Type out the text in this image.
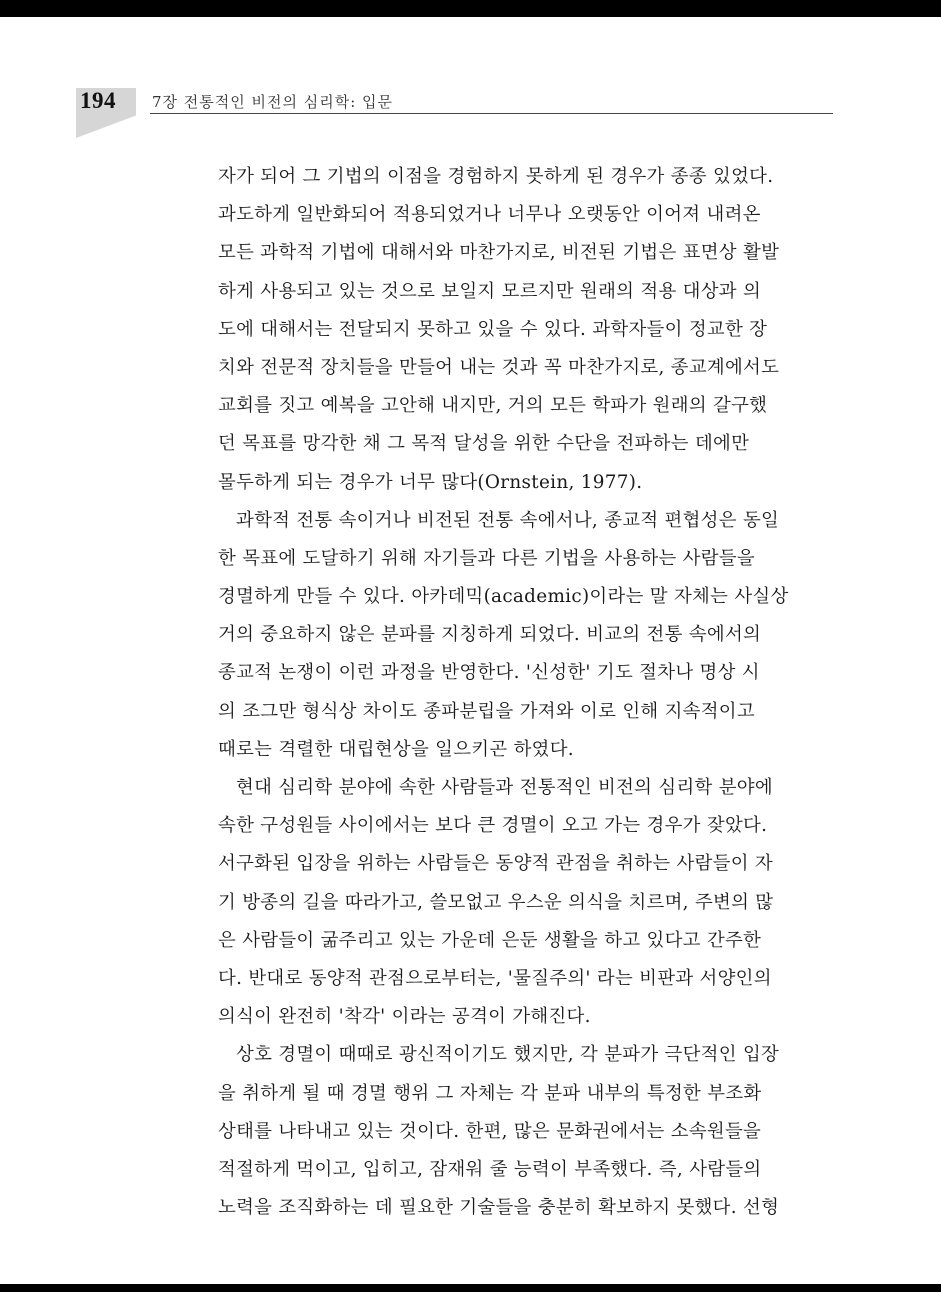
194 7장 전통적인 비전의 심리학: 입문
자가 되어 그 기법의 이점을 경험하지 못하게 된 경우가 종종 있었다.
과도하게 일반화되어 적용되었거나 너무나 오랫동안 이어져 내려온
모든 과학적 기법에 대해서와 마찬가지로, 비전된 기법은 표면상 활발
하게 사용되고 있는 것으로 보일지 모르지만 원래의 적용 대상과 의
도에 대해서는 전달되지 못하고 있을 수 있다. 과학자들이 정교한 장
치와 전문적 장치들을 만들어 내는 것과 꼭 마찬가지로, 종교계에서도
교회를 짓고 예복을 고안해 내지만, 거의 모든 학파가 원래의 갈구했
던 목표를 망각한 채 그 목적 달성을 위한 수단을 전파하는 데에만
몰두하게 되는 경우가 너무 많다(Ornstein, 1977).
과학적 전통 속이거나 비전된 전통 속에서나, 종교적 편협성은 동일
한 목표에 도달하기 위해 자기들과 다른 기법을 사용하는 사람들을
경멸하게 만들 수 있다. 아카데믹(academic)이라는 말 자체는 사실상
거의 중요하지 않은 분파를 지칭하게 되었다. 비교의 전통 속에서의
종교적 논쟁이 이런 과정을 반영한다. '신성한' 기도 절차나 명상 시
의 조그만 형식상 차이도 종파분립을 가져와 이로 인해 지속적이고
때로는 격렬한 대립현상을 일으키곤 하였다.
현대 심리학 분야에 속한 사람들과 전통적인 비전의 심리학 분야에
속한 구성원들 사이에서는 보다 큰 경멸이 오고 가는 경우가 잦았다.
서구화된 입장을 위하는 사람들은 동양적 관점을 취하는 사람들이 자
기 방종의 길을 따라가고, 쓸모없고 우스운 의식을 치르며, 주변의 많
은 사람들이 굶주리고 있는 가운데 은둔 생활을 하고 있다고 간주한
다. 반대로 동양적 관점으로부터는, '물질주의' 라는 비판과 서양인의
의식이 완전히 '착각' 이라는 공격이 가해진다.
상호 경멸이 때때로 광신적이기도 했지만, 각 분파가 극단적인 입장
을 취하게 될 때 경멸 행위 그 자체는 각 분파 내부의 특정한 부조화
상태를 나타내고 있는 것이다. 한편, 많은 문화권에서는 소속원들을
적절하게 먹이고, 입히고, 잠재워 줄 능력이 부족했다. 즉, 사람들의
노력을 조직화하는 데 필요한 기술들을 충분히 확보하지 못했다. 선형
